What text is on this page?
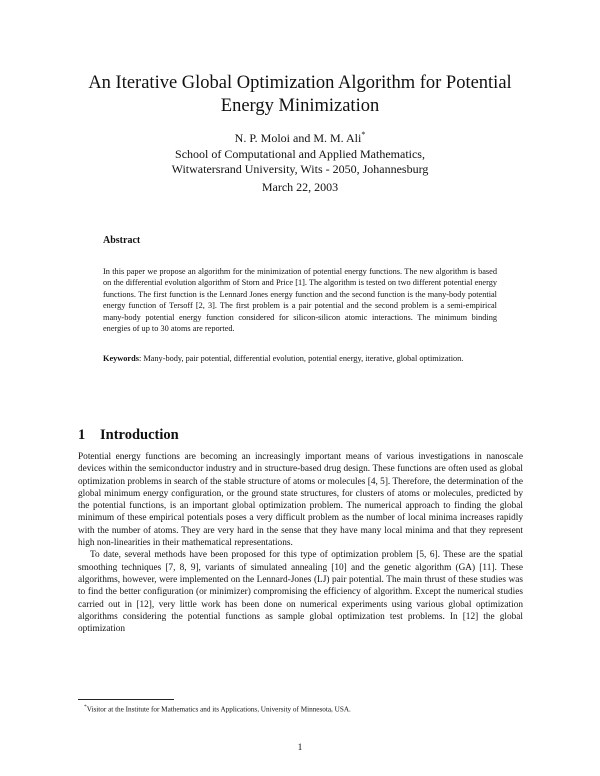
An Iterative Global Optimization Algorithm for Potential
Energy Minimization
N. P. Moloi and M. M. Ali*
School of Computational and Applied Mathematics,
Witwatersrand University, Wits - 2050, Johannesburg
March 22, 2003
Abstract
In this paper we propose an algorithm for the minimization of potential energy functions. The new algorithm is based on the differential evolution algorithm of Storn and Price [1]. The algorithm is tested on two different potential energy functions. The first function is the Lennard Jones energy function and the second function is the many-body potential energy function of Tersoff [2, 3]. The first problem is a pair potential and the second problem is a semi-empirical many-body potential energy function considered for silicon-silicon atomic interactions. The minimum binding energies of up to 30 atoms are reported.
Keywords: Many-body, pair potential, differential evolution, potential energy, iterative, global optimization.
1 Introduction

Potential energy functions are becoming an increasingly important means of various investigations in nanoscale devices within the semiconductor industry and in structure-based drug design. These functions are often used as global optimization problems in search of the stable structure of atoms or molecules [4, 5]. Therefore, the determination of the global minimum energy configuration, or the ground state structures, for clusters of atoms or molecules, predicted by the potential functions, is an important global optimization problem. The numerical approach to finding the global minimum of these empirical potentials poses a very difficult problem as the number of local minima increases rapidly with the number of atoms. They are very hard in the sense that they have many local minima and that they represent high non-linearities in their mathematical representations.

To date, several methods have been proposed for this type of optimization problem [5, 6]. These are the spatial smoothing techniques [7, 8, 9], variants of simulated annealing [10] and the genetic algorithm (GA) [11]. These algorithms, however, were implemented on the Lennard-Jones (LJ) pair potential. The main thrust of these studies was to find the better configuration (or minimizer) compromising the efficiency of algorithm. Except the numerical studies carried out in [12], very little work has been done on numerical experiments using various global optimization algorithms considering the potential functions as sample global optimization test problems. In [12] the global optimization

*Visitor at the Institute for Mathematics and its Applications, University of Minnesota, USA.
1
